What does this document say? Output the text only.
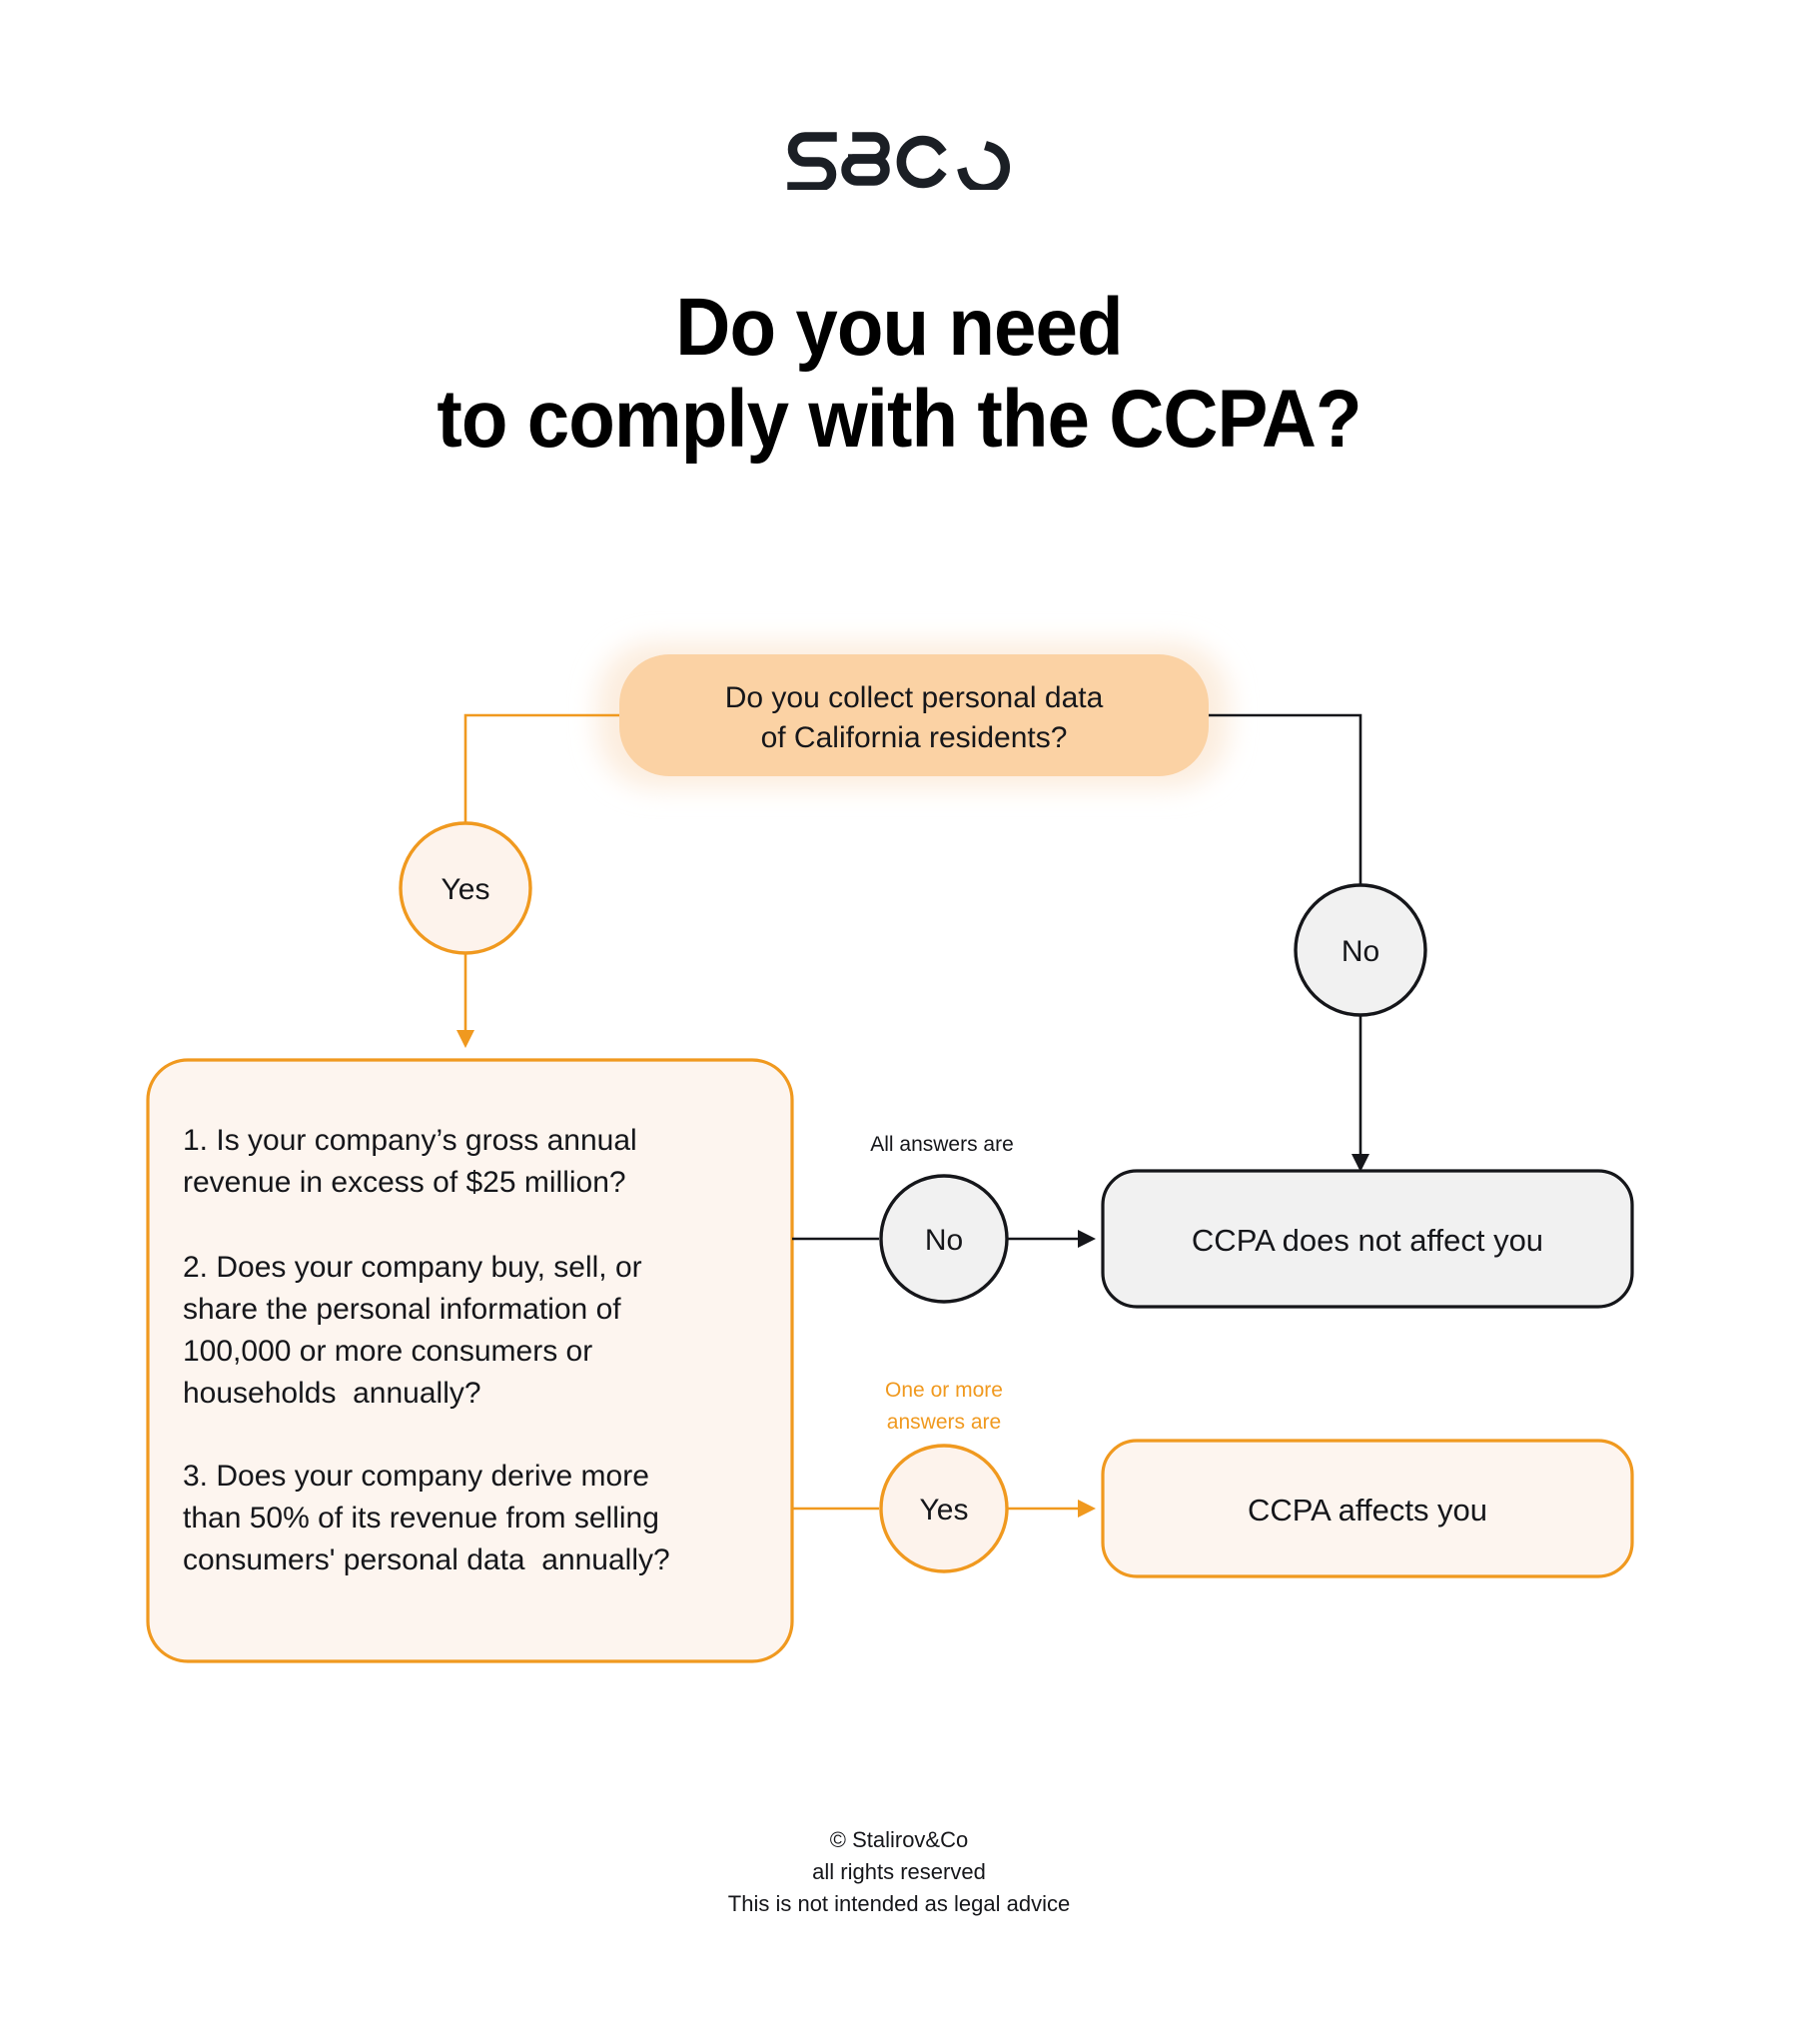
Do you need
to comply with the CCPA?
Do you collect personal data
of California residents?
Yes
No
1. Is your company’s gross annual
revenue in excess of $25 million?
2. Does your company buy, sell, or
share the personal information of
100,000 or more consumers or
households  annually?
3. Does your company derive more
than 50% of its revenue from selling
consumers' personal data  annually?
All answers are
No	CCPA does not affect you
One or more
answers are
Yes	CCPA affects you
© Stalirov&Co
all rights reserved
This is not intended as legal advice
